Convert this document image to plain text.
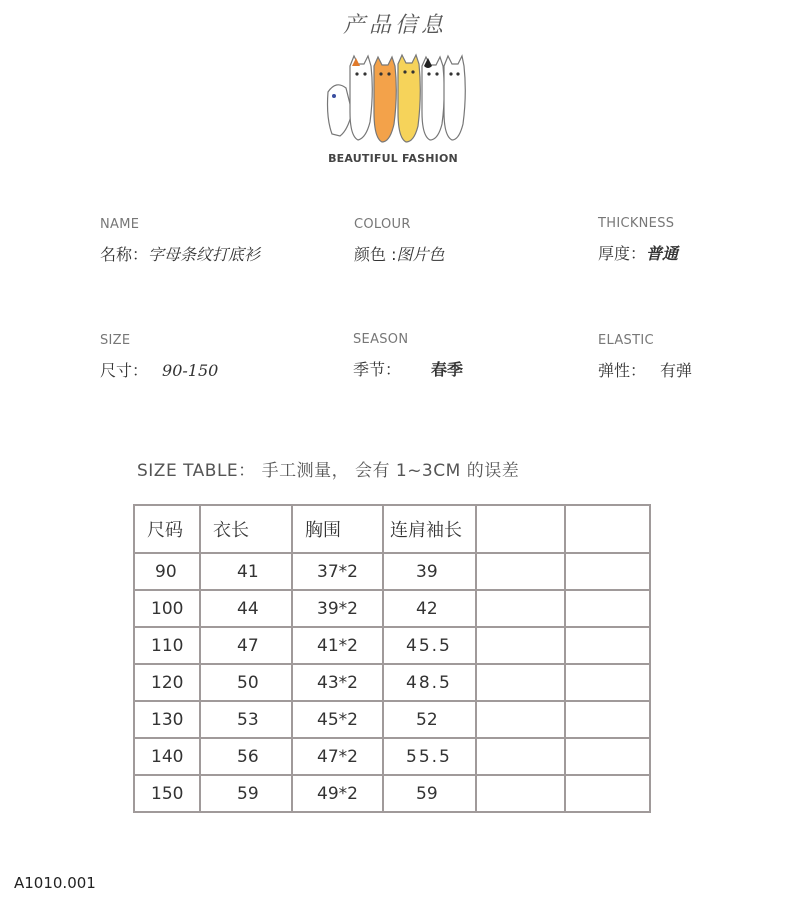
产品信息
BEAUTIFUL FASHION
NAME
名称：字母条纹打底衫
COLOUR
颜色 :图片色
THICKNESS
厚度：普通
SIZE
尺寸： 90-150
SEASON
季节： 春季
ELASTIC
弹性： 有弹
SIZE TABLE： 手工测量， 会有 1~3CM 的误差
尺码	衣长	胸围	连肩袖长		
90	41	37*2	39		
100	44	39*2	42		
110	47	41*2	45.5		
120	50	43*2	48.5		
130	53	45*2	52		
140	56	47*2	55.5		
150	59	49*2	59		
A1010.001
